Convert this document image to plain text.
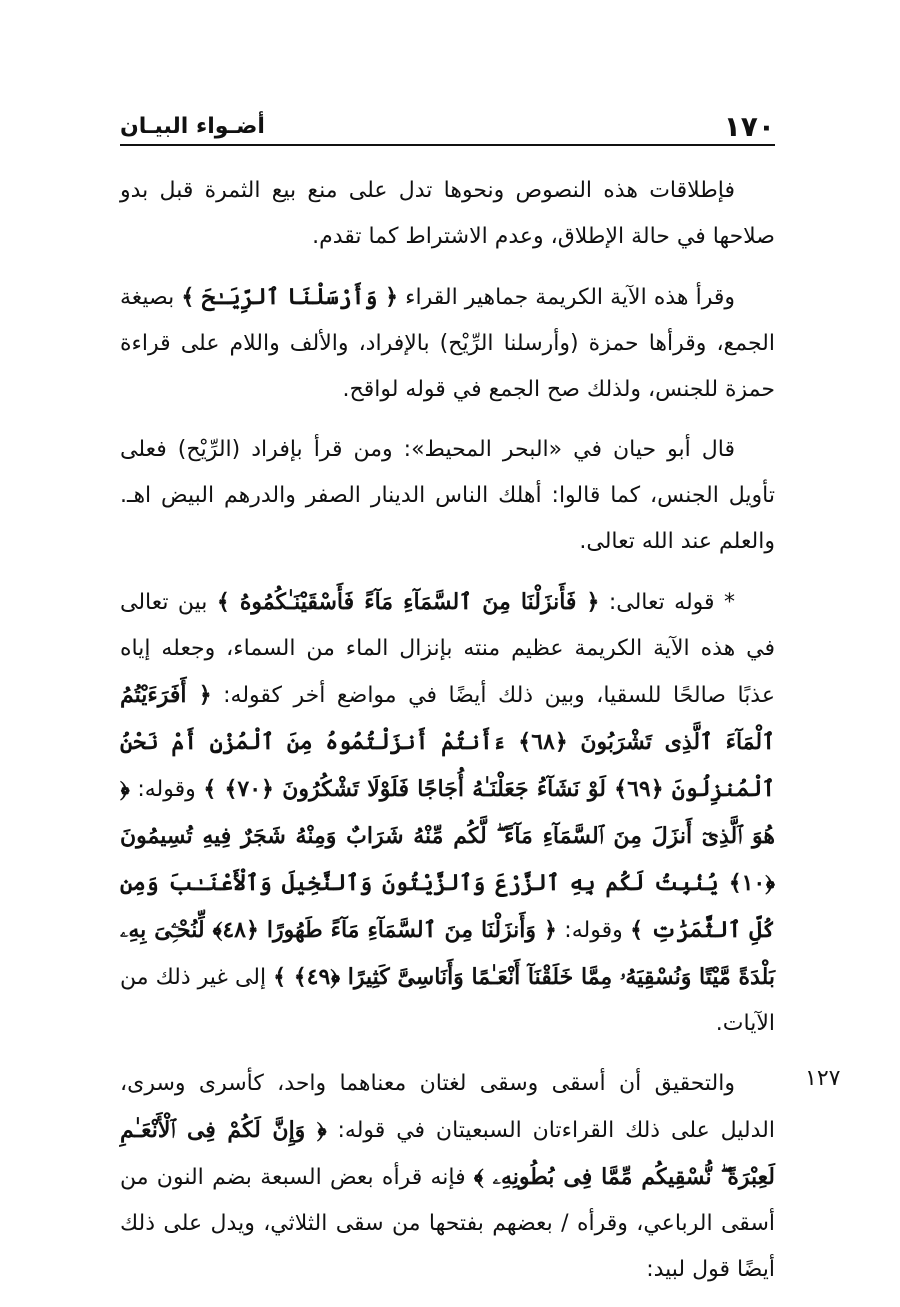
١٧٠
أضـواء البيـان

فإطلاقات هذه النصوص ونحوها تدل على منع بيع الثمرة قبل بدو صلاحها في حالة الإطلاق، وعدم الاشتراط كما تقدم.

وقرأ هذه الآية الكريمة جماهير القراء ﴿ وَأَرْسَلْنَا ٱلرِّيَـٰحَ ﴾ بصيغة الجمع، وقرأها حمزة (وأرسلنا الرِّيْح) بالإفراد، والألف واللام على قراءة حمزة للجنس، ولذلك صح الجمع في قوله لواقح.

قال أبو حيان في «البحر المحيط»: ومن قرأ بإفراد (الرِّيْح) فعلى تأويل الجنس، كما قالوا: أهلك الناس الدينار الصفر والدرهم البيض اهـ. والعلم عند الله تعالى.

* قوله تعالى: ﴿ فَأَنزَلْنَا مِنَ ٱلسَّمَآءِ مَآءً فَأَسْقَيْنَـٰكُمُوهُ ﴾ بين تعالى في هذه الآية الكريمة عظيم منته بإنزال الماء من السماء، وجعله إياه عذبًا صالحًا للسقيا، وبين ذلك أيضًا في مواضع أخر كقوله: ﴿ أَفَرَءَيْتُمُ ٱلْمَآءَ ٱلَّذِى تَشْرَبُونَ ﴿٦٨﴾ ءَأَنتُمْ أَنزَلْتُمُوهُ مِنَ ٱلْمُزْنِ أَمْ نَحْنُ ٱلْمُنزِلُونَ ﴿٦٩﴾ لَوْ نَشَآءُ جَعَلْنَـٰهُ أُجَاجًا فَلَوْلَا تَشْكُرُونَ ﴿٧٠﴾ ﴾ وقوله: ﴿ هُوَ ٱلَّذِىٓ أَنزَلَ مِنَ ٱلسَّمَآءِ مَآءً ۖ لَّكُم مِّنْهُ شَرَابٌ وَمِنْهُ شَجَرٌ فِيهِ تُسِيمُونَ ﴿١٠﴾ يُنۢبِتُ لَكُم بِهِ ٱلزَّرْعَ وَٱلزَّيْتُونَ وَٱلنَّخِيلَ وَٱلْأَعْنَـٰبَ وَمِن كُلِّ ٱلثَّمَرَٰتِ ﴾ وقوله: ﴿ وَأَنزَلْنَا مِنَ ٱلسَّمَآءِ مَآءً طَهُورًا ﴿٤٨﴾ لِّنُحْـِۧىَ بِهِۦ بَلْدَةً مَّيْتًا وَنُسْقِيَهُۥ مِمَّا خَلَقْنَآ أَنْعَـٰمًا وَأَنَاسِىَّ كَثِيرًا ﴿٤٩﴾ ﴾ إلى غير ذلك من الآيات.

والتحقيق أن أسقى وسقى لغتان معناهما واحد، كأسرى وسرى، الدليل على ذلك القراءتان السبعيتان في قوله: ﴿ وَإِنَّ لَكُمْ فِى ٱلْأَنْعَـٰمِ لَعِبْرَةً ۖ نُّسْقِيكُم مِّمَّا فِى بُطُونِهِۦ ﴾ فإنه قرأه بعض السبعة بضم النون من أسقى الرباعي، وقرأه / بعضهم بفتحها من سقى الثلاثي، ويدل على ذلك أيضًا قول لبيد:

١٢٧
